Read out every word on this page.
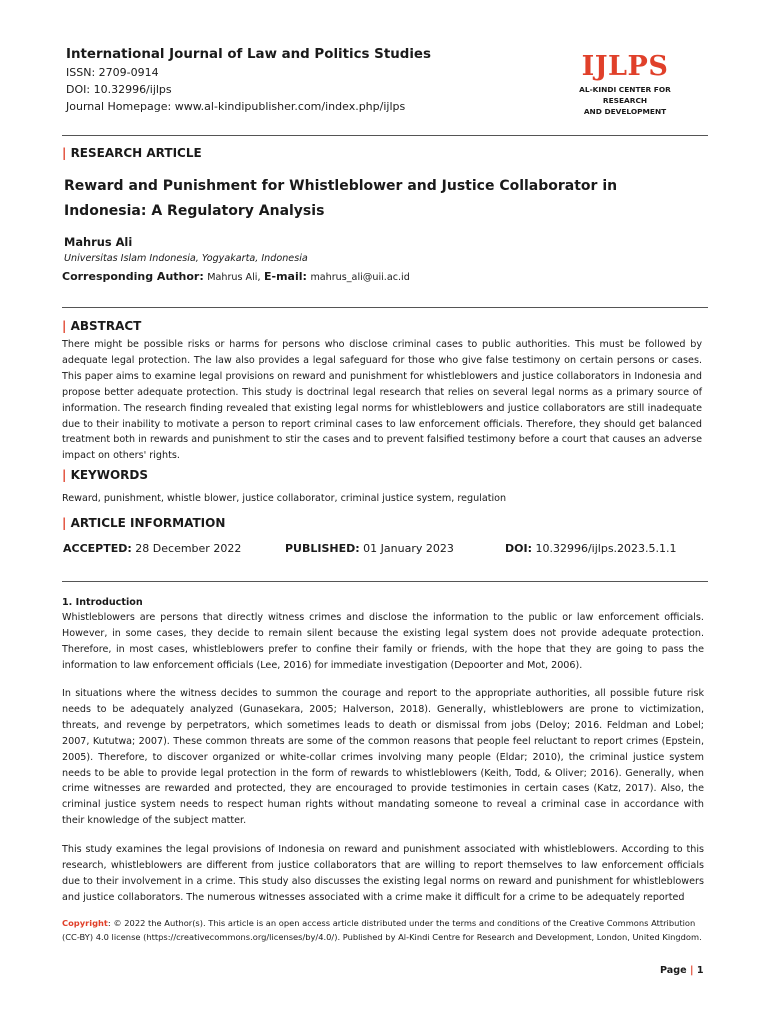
International Journal of Law and Politics Studies
ISSN: 2709-0914
DOI: 10.32996/ijlps
Journal Homepage: www.al-kindipublisher.com/index.php/ijlps
IJLPS
AL-KINDI CENTER FOR RESEARCH
AND DEVELOPMENT
| RESEARCH ARTICLE
Reward and Punishment for Whistleblower and Justice Collaborator in Indonesia: A Regulatory Analysis
Mahrus Ali
Universitas Islam Indonesia, Yogyakarta, Indonesia
Corresponding Author: Mahrus Ali, E-mail: mahrus_ali@uii.ac.id
| ABSTRACT
There might be possible risks or harms for persons who disclose criminal cases to public authorities. This must be followed by adequate legal protection. The law also provides a legal safeguard for those who give false testimony on certain persons or cases. This paper aims to examine legal provisions on reward and punishment for whistleblowers and justice collaborators in Indonesia and propose better adequate protection. This study is doctrinal legal research that relies on several legal norms as a primary source of information. The research finding revealed that existing legal norms for whistleblowers and justice collaborators are still inadequate due to their inability to motivate a person to report criminal cases to law enforcement officials. Therefore, they should get balanced treatment both in rewards and punishment to stir the cases and to prevent falsified testimony before a court that causes an adverse impact on others' rights.
| KEYWORDS
Reward, punishment, whistle blower, justice collaborator, criminal justice system, regulation
| ARTICLE INFORMATION
ACCEPTED: 28 December 2022	PUBLISHED: 01 January 2023	DOI: 10.32996/ijlps.2023.5.1.1
1. Introduction
Whistleblowers are persons that directly witness crimes and disclose the information to the public or law enforcement officials. However, in some cases, they decide to remain silent because the existing legal system does not provide adequate protection. Therefore, in most cases, whistleblowers prefer to confine their family or friends, with the hope that they are going to pass the information to law enforcement officials (Lee, 2016) for immediate investigation (Depoorter and Mot, 2006).
In situations where the witness decides to summon the courage and report to the appropriate authorities, all possible future risk needs to be adequately analyzed (Gunasekara, 2005; Halverson, 2018). Generally, whistleblowers are prone to victimization, threats, and revenge by perpetrators, which sometimes leads to death or dismissal from jobs (Deloy; 2016. Feldman and Lobel; 2007, Kututwa; 2007). These common threats are some of the common reasons that people feel reluctant to report crimes (Epstein, 2005). Therefore, to discover organized or white-collar crimes involving many people (Eldar; 2010), the criminal justice system needs to be able to provide legal protection in the form of rewards to whistleblowers (Keith, Todd, & Oliver; 2016). Generally, when crime witnesses are rewarded and protected, they are encouraged to provide testimonies in certain cases (Katz, 2017). Also, the criminal justice system needs to respect human rights without mandating someone to reveal a criminal case in accordance with their knowledge of the subject matter.
This study examines the legal provisions of Indonesia on reward and punishment associated with whistleblowers. According to this research, whistleblowers are different from justice collaborators that are willing to report themselves to law enforcement officials due to their involvement in a crime. This study also discusses the existing legal norms on reward and punishment for whistleblowers and justice collaborators. The numerous witnesses associated with a crime make it difficult for a crime to be adequately reported
Copyright: © 2022 the Author(s). This article is an open access article distributed under the terms and conditions of the Creative Commons Attribution (CC-BY) 4.0 license (https://creativecommons.org/licenses/by/4.0/). Published by Al-Kindi Centre for Research and Development, London, United Kingdom.
Page | 1
